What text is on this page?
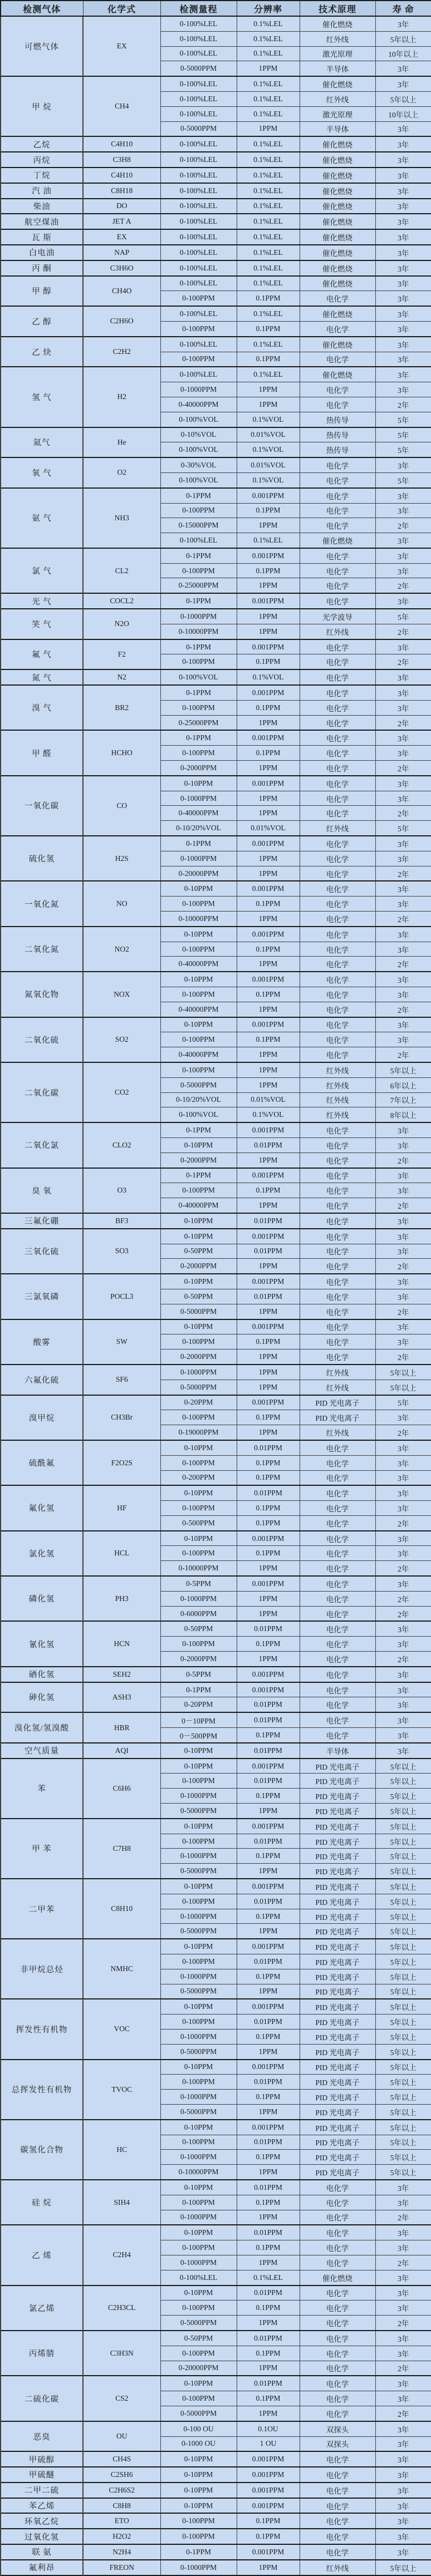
检测气体	化学式	检测量程	分辨率	技术原理	寿 命
可燃气体	EX	0-100%LEL	0.1%LEL	催化燃烧	3年
		0-100%LEL	0.1%LEL	红外线	5年以上
		0-100%LEL	0.1%LEL	激光原理	10年以上
		0-5000PPM	1PPM	半导体	3年
甲 烷	CH4	0-100%LEL	0.1%LEL	催化燃烧	3年
		0-100%LEL	0.1%LEL	红外线	5年以上
		0-100%LEL	0.1%LEL	激光原理	10年以上
		0-5000PPM	1PPM	半导体	3年
乙烷	C4H10	0-100%LEL	0.1%LEL	催化燃烧	3年
丙烷	C3H8	0-100%LEL	0.1%LEL	催化燃烧	3年
丁烷	C4H10	0-100%LEL	0.1%LEL	催化燃烧	3年
汽 油	C8H18	0-100%LEL	0.1%LEL	催化燃烧	3年
柴油	DO	0-100%LEL	0.1%LEL	催化燃烧	3年
航空煤油	JET A	0-100%LEL	0.1%LEL	催化燃烧	3年
瓦 斯	EX	0-100%LEL	0.1%LEL	催化燃烧	3年
白电油	NAP	0-100%LEL	0.1%LEL	催化燃烧	3年
丙 酮	C3H6O	0-100%LEL	0.1%LEL	催化燃烧	3年
甲 醇	CH4O	0-100%LEL	0.1%LEL	催化燃烧	3年
		0-100PPM	0.1PPM	电化学	3年
乙 醇	C2H6O	0-100%LEL	0.1%LEL	催化燃烧	3年
		0-100PPM	0.1PPM	电化学	3年
乙 炔	C2H2	0-100%LEL	0.1%LEL	催化燃烧	3年
		0-100PPM	0.1PPM	电化学	3年
氢 气	H2	0-100%LEL	0.1%LEL	催化燃烧	3年
		0-1000PPM	1PPM	电化学	3年
		0-40000PPM	1PPM	电化学	2年
		0-100%VOL	0.1%VOL	热传导	5年
氦气	He	0-10%VOL	0.01%VOL	热传导	5年
		0-100%VOL	0.1%VOL	热传导	5年
氧 气	O2	0-30%VOL	0.01%VOL	电化学	3年
		0-100%VOL	0.1%VOL	电化学	5年
氨 气	NH3	0-1PPM	0.001PPM	电化学	3年
		0-100PPM	0.1PPM	电化学	3年
		0-15000PPM	1PPM	电化学	2年
		0-100%LEL	0.1%LEL	催化燃烧	3年
氯 气	CL2	0-1PPM	0.001PPM	电化学	3年
		0-100PPM	0.1PPM	电化学	3年
		0-25000PPM	1PPM	电化学	2年
光 气	COCL2	0-1PPM	0.001PPM	电化学	3年
笑 气	N2O	0-1000PPM	1PPM	光学波导	5年
		0-10000PPM	1PPM	红外线	2年
氟 气	F2	0-1PPM	0.001PPM	电化学	3年
		0-100PPM	0.1PPM	电化学	2年
氮 气	N2	0-100%VOL	0.1%VOL	电化学	3年
溴 气	BR2	0-1PPM	0.001PPM	电化学	3年
		0-100PPM	0.1PPM	电化学	3年
		0-25000PPM	1PPM	电化学	2年
甲 醛	HCHO	0-1PPM	0.001PPM	电化学	3年
		0-100PPM	0.1PPM	电化学	3年
		0-2000PPM	1PPM	电化学	2年
一氧化碳	CO	0-10PPM	0.001PPM	电化学	3年
		0-1000PPM	1PPM	电化学	3年
		0-40000PPM	1PPM	电化学	2年
		0-10/20%VOL	0.01%VOL	红外线	5年
硫化氢	H2S	0-1PPM	0.001PPM	电化学	3年
		0-1000PPM	1PPM	电化学	3年
		0-20000PPM	1PPM	电化学	2年
一氧化氮	NO	0-10PPM	0.001PPM	电化学	3年
		0-100PPM	0.1PPM	电化学	3年
		0-10000PPM	1PPM	电化学	2年
二氧化氮	NO2	0-10PPM	0.001PPM	电化学	3年
		0-100PPM	0.1PPM	电化学	3年
		0-40000PPM	1PPM	电化学	2年
氮氧化物	NOX	0-10PPM	0.001PPM	电化学	3年
		0-100PPM	0.1PPM	电化学	3年
		0-40000PPM	1PPM	电化学	2年
二氧化硫	SO2	0-10PPM	0.001PPM	电化学	3年
		0-100PPM	0.1PPM	电化学	3年
		0-40000PPM	1PPM	电化学	2年
二氧化碳	CO2	0-100PPM	1PPM	红外线	5年以上
		0-5000PPM	1PPM	红外线	6年以上
		0-10/20%VOL	0.01%VOL	红外线	7年以上
		0-100%VOL	0.1%VOL	红外线	8年以上
二氧化氯	CLO2	0-1PPM	0.001PPM	电化学	3年
		0-10PPM	0.01PPM	电化学	3年
		0-2000PPM	1PPM	电化学	2年
臭 氧	O3	0-1PPM	0.001PPM	电化学	3年
		0-100PPM	0.1PPM	电化学	3年
		0-40000PPM	1PPM	电化学	2年
三氟化硼	BF3	0-10PPM	0.01PPM	电化学	3年
三氧化硫	SO3	0-10PPM	0.001PPM	电化学	3年
		0-50PPM	0.01PPM	电化学	3年
		0-2000PPM	1PPM	电化学	2年
三氯氧磷	POCL3	0-10PPM	0.001PPM	电化学	3年
		0-50PPM	0.01PPM	电化学	3年
		0-5000PPM	1PPM	电化学	2年
酸雾	SW	0-10PPM	0.001PPM	电化学	3年
		0-100PPM	0.1PPM	电化学	3年
		0-2000PPM	1PPM	电化学	2年
六氟化硫	SF6	0-1000PPM	1PPM	红外线	5年以上
		0-5000PPM	1PPM	红外线	5年以上
溴甲烷	CH3Br	0-20PPM	0.001PPM	PID 光电离子	5年
		0-100PPM	0.1PPM	PID 光电离子	3年
		0-19000PPM	1PPM	红外线	2年
硫酰氟	F2O2S	0-10PPM	0.01PPM	电化学	3年
		0-100PPM	0.1PPM	电化学	3年
		0-200PPM	0.1PPM	电化学	3年
氟化氢	HF	0-10PPM	0.01PPM	电化学	3年
		0-100PPM	0.1PPM	电化学	3年
		0-500PPM	0.1PPM	电化学	2年
氯化氢	HCL	0-10PPM	0.001PPM	电化学	3年
		0-100PPM	0.1PPM	电化学	3年
		0-10000PPM	1PPM	电化学	2年
磷化氢	PH3	0-5PPM	0.001PPM	电化学	3年
		0-1000PPM	1PPM	电化学	2年
		0-6000PPM	1PPM	电化学	2年
氰化氢	HCN	0-50PPM	0.01PPM	电化学	3年
		0-100PPM	0.1PPM	电化学	3年
		0-2000PPM	1PPM	电化学	2年
硒化氢	SEH2	0-5PPM	0.001PPM	电化学	3年
砷化氢	ASH3	0-1PPM	0.001PPM	电化学	3年
		0-20PPM	0.01PPM	电化学	3年
溴化氢/氢溴酸	HBR	0－10PPM	0.01PPM	电化学	3年
		0－500PPM	0.1PPM	电化学	3年
空气质量	AQI	0-10PPM	0.01PPM	半导体	3年
苯	C6H6	0-10PPM	0.001PPM	PID 光电离子	5年以上
		0-100PPM	0.01PPM	PID 光电离子	5年以上
		0-1000PPM	0.1PPM	PID 光电离子	5年以上
		0-5000PPM	1PPM	PID 光电离子	5年以上
甲 苯	C7H8	0-10PPM	0.001PPM	PID 光电离子	5年以上
		0-100PPM	0.01PPM	PID 光电离子	5年以上
		0-1000PPM	0.1PPM	PID 光电离子	5年以上
		0-5000PPM	1PPM	PID 光电离子	5年以上
二甲苯	C8H10	0-10PPM	0.001PPM	PID 光电离子	5年以上
		0-100PPM	0.01PPM	PID 光电离子	5年以上
		0-1000PPM	0.1PPM	PID 光电离子	5年以上
		0-5000PPM	1PPM	PID 光电离子	5年以上
非甲烷总烃	NMHC	0-10PPM	0.001PPM	PID 光电离子	5年以上
		0-100PPM	0.01PPM	PID 光电离子	5年以上
		0-1000PPM	0.1PPM	PID 光电离子	5年以上
		0-5000PPM	1PPM	PID 光电离子	5年以上
挥发性有机物	VOC	0-10PPM	0.001PPM	PID 光电离子	5年以上
		0-100PPM	0.01PPM	PID 光电离子	5年以上
		0-1000PPM	0.1PPM	PID 光电离子	5年以上
		0-5000PPM	1PPM	PID 光电离子	5年以上
总挥发性有机物	TVOC	0-10PPM	0.001PPM	PID 光电离子	5年以上
		0-100PPM	0.01PPM	PID 光电离子	5年以上
		0-1000PPM	0.1PPM	PID 光电离子	5年以上
		0-5000PPM	1PPM	PID 光电离子	5年以上
碳氢化合物	HC	0-10PPM	0.001PPM	PID 光电离子	5年以上
		0-100PPM	0.01PPM	PID 光电离子	5年以上
		0-1000PPM	0.1PPM	PID 光电离子	5年以上
		0-10000PPM	1PPM	PID 光电离子	5年以上
硅 烷	SIH4	0-10PPM	0.01PPM	电化学	3年
		0-100PPM	0.1PPM	电化学	3年
		0-1000PPM	1PPM	电化学	2年
乙 烯	C2H4	0-10PPM	0.01PPM	电化学	3年
		0-100PPM	0.1PPM	电化学	3年
		0-1000PPM	1PPM	电化学	2年
		0-100%LEL	0.1%LEL	催化燃烧	3年
氯乙烯	C2H3CL	0-10PPM	0.01PPM	电化学	3年
		0-100PPM	0.1PPM	电化学	3年
		0-5000PPM	1PPM	电化学	2年
丙烯腈	C3H3N	0-50PPM	0.01PPM	电化学	3年
		0-100PPM	0.1PPM	电化学	3年
		0-20000PPM	1PPM	电化学	2年
二硫化碳	CS2	0-10PPM	0.01PPM	电化学	3年
		0-100PPM	0.1PPM	电化学	3年
		0-5000PPM	1PPM	电化学	2年
恶臭	OU	0-100 OU	0.1OU	双探头	3年
		0-1000 OU	1 OU	双探头	3年
甲硫醇	CH4S	0-10PPM	0.001PPM	电化学	3年
甲硫醚	C2SH6	0-10PPM	0.001PPM	电化学	3年
二甲二硫	C2H6S2	0-10PPM	0.001PPM	电化学	3年
苯乙烯	C8H8	0-10PPM	0.001PPM	电化学	3年
环氧乙烷	ETO	0-100PPM	0.1PPM	电化学	3年
过氧化氢	H2O2	0-100PPM	0.1PPM	电化学	3年
联 氨	N2H4	0-1PPM	0.001PPM	电化学	3年
氟利昂	FREON	0-1000PPM	1PPM	红外线	5年以上
